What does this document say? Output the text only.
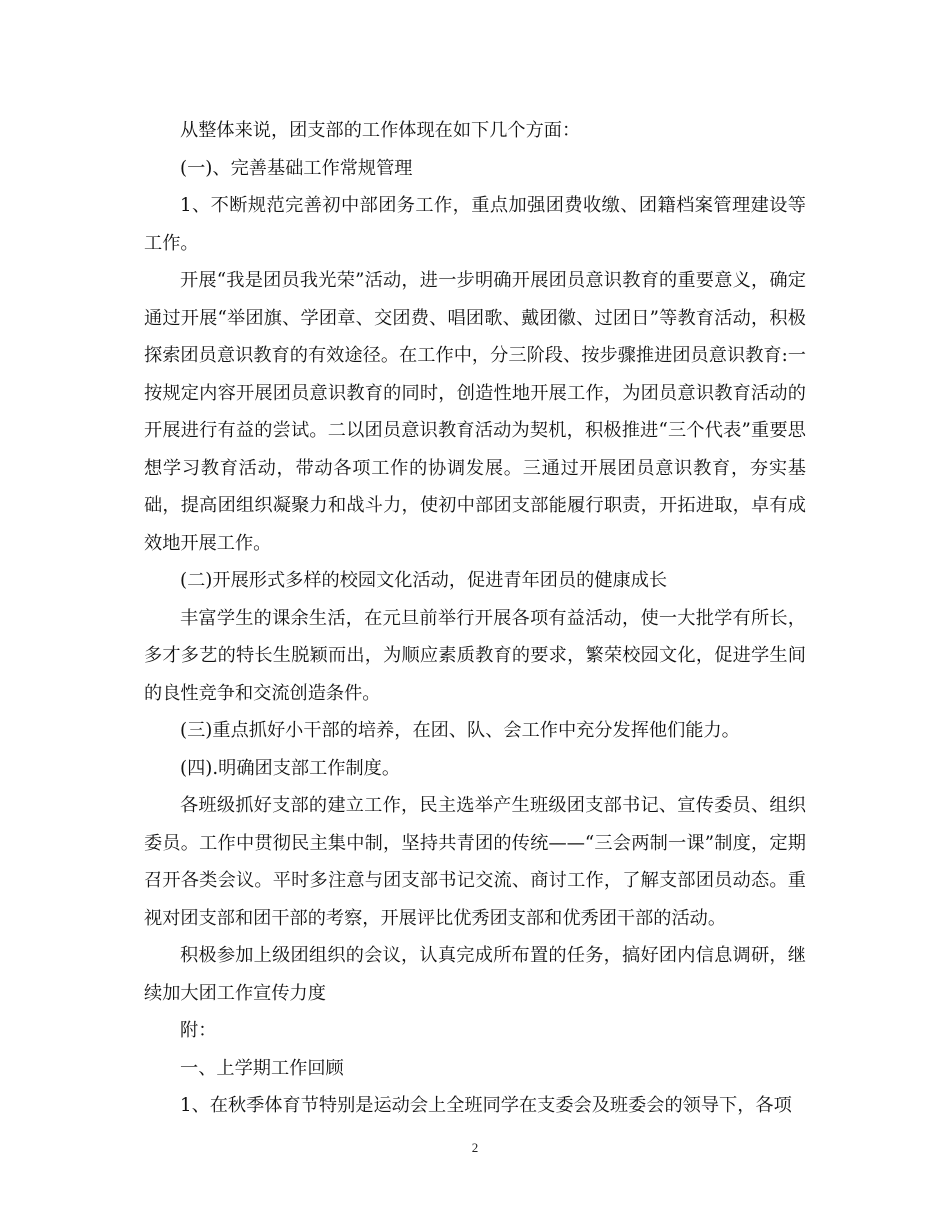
从整体来说，团支部的工作体现在如下几个方面：

(一)、完善基础工作常规管理

1、不断规范完善初中部团务工作，重点加强团费收缴、团籍档案管理建设等工作。

开展“我是团员我光荣”活动，进一步明确开展团员意识教育的重要意义，确定通过开展“举团旗、学团章、交团费、唱团歌、戴团徽、过团日”等教育活动，积极探索团员意识教育的有效途径。在工作中，分三阶段、按步骤推进团员意识教育:一按规定内容开展团员意识教育的同时，创造性地开展工作，为团员意识教育活动的开展进行有益的尝试。二以团员意识教育活动为契机，积极推进“三个代表”重要思想学习教育活动，带动各项工作的协调发展。三通过开展团员意识教育，夯实基础，提高团组织凝聚力和战斗力，使初中部团支部能履行职责，开拓进取，卓有成效地开展工作。

(二)开展形式多样的校园文化活动，促进青年团员的健康成长

丰富学生的课余生活，在元旦前举行开展各项有益活动，使一大批学有所长，多才多艺的特长生脱颖而出，为顺应素质教育的要求，繁荣校园文化，促进学生间的良性竞争和交流创造条件。

(三)重点抓好小干部的培养，在团、队、会工作中充分发挥他们能力。

(四).明确团支部工作制度。

各班级抓好支部的建立工作，民主选举产生班级团支部书记、宣传委员、组织委员。工作中贯彻民主集中制，坚持共青团的传统——“三会两制一课”制度，定期召开各类会议。平时多注意与团支部书记交流、商讨工作，了解支部团员动态。重视对团支部和团干部的考察，开展评比优秀团支部和优秀团干部的活动。

积极参加上级团组织的会议，认真完成所布置的任务，搞好团内信息调研，继续加大团工作宣传力度

附：

一、上学期工作回顾

1、在秋季体育节特别是运动会上全班同学在支委会及班委会的领导下，各项

2
